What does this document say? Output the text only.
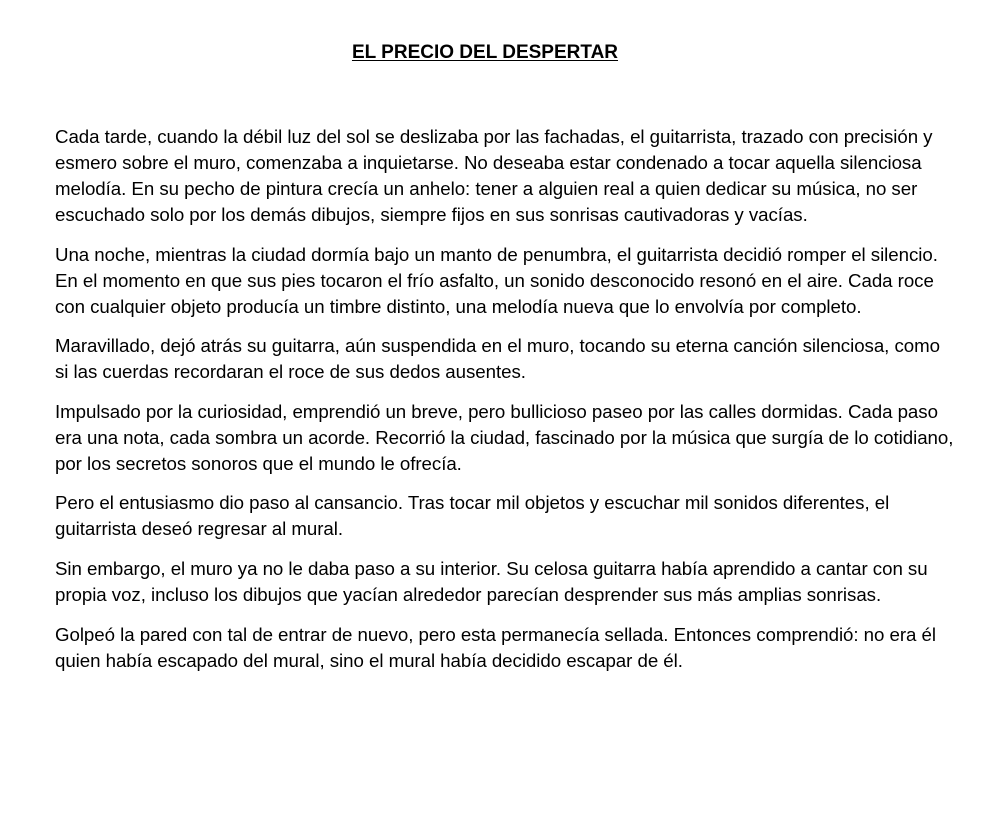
EL PRECIO DEL DESPERTAR

Cada tarde, cuando la débil luz del sol se deslizaba por las fachadas, el guitarrista, trazado con precisión y esmero sobre el muro, comenzaba a inquietarse. No deseaba estar condenado a tocar aquella silenciosa melodía. En su pecho de pintura crecía un anhelo: tener a alguien real a quien dedicar su música, no ser escuchado solo por los demás dibujos, siempre fijos en sus sonrisas cautivadoras y vacías.

Una noche, mientras la ciudad dormía bajo un manto de penumbra, el guitarrista decidió romper el silencio. En el momento en que sus pies tocaron el frío asfalto, un sonido desconocido resonó en el aire. Cada roce con cualquier objeto producía un timbre distinto, una melodía nueva que lo envolvía por completo.

Maravillado, dejó atrás su guitarra, aún suspendida en el muro, tocando su eterna canción silenciosa, como si las cuerdas recordaran el roce de sus dedos ausentes.

Impulsado por la curiosidad, emprendió un breve, pero bullicioso paseo por las calles dormidas. Cada paso era una nota, cada sombra un acorde. Recorrió la ciudad, fascinado por la música que surgía de lo cotidiano, por los secretos sonoros que el mundo le ofrecía.

Pero el entusiasmo dio paso al cansancio. Tras tocar mil objetos y escuchar mil sonidos diferentes, el guitarrista deseó regresar al mural.

Sin embargo, el muro ya no le daba paso a su interior. Su celosa guitarra había aprendido a cantar con su propia voz, incluso los dibujos que yacían alrededor parecían desprender sus más amplias sonrisas.

Golpeó la pared con tal de entrar de nuevo, pero esta permanecía sellada. Entonces comprendió: no era él quien había escapado del mural, sino el mural había decidido escapar de él.
